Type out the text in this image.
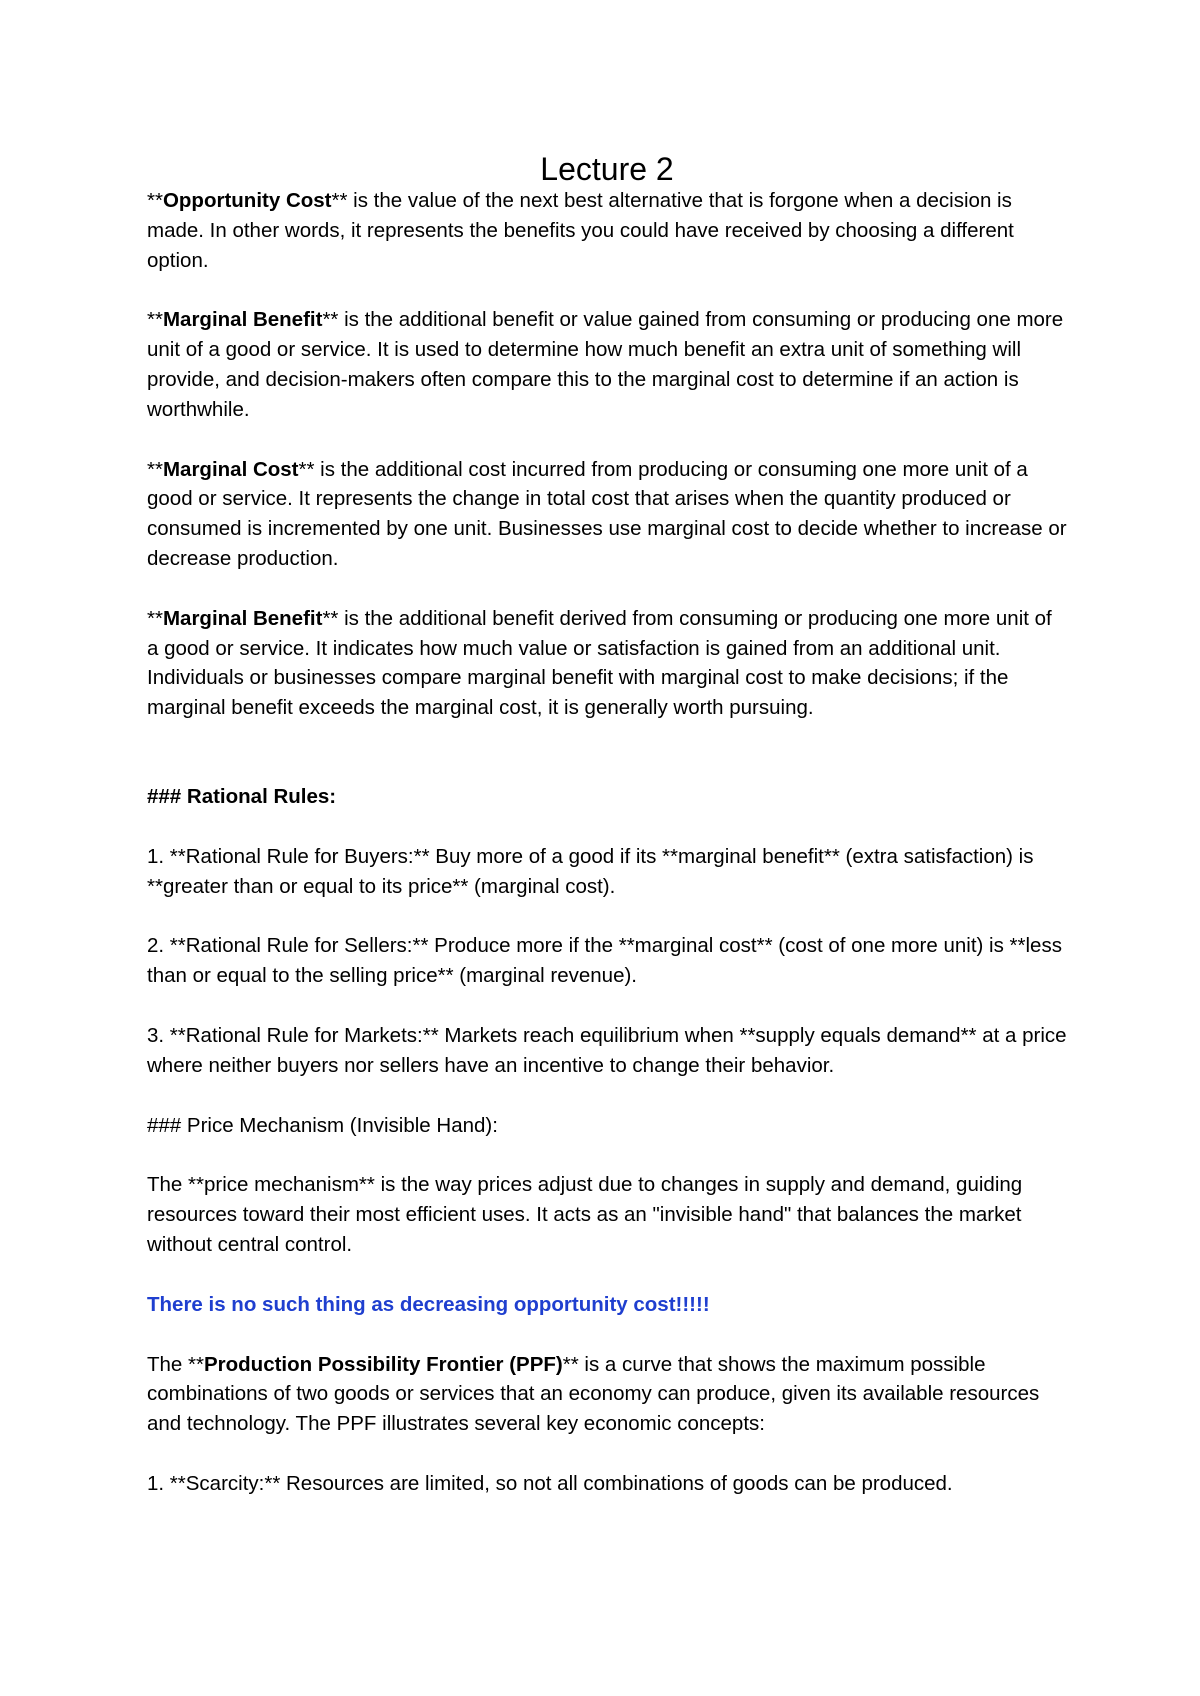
Lecture 2

**Opportunity Cost** is the value of the next best alternative that is forgone when a decision is made. In other words, it represents the benefits you could have received by choosing a different option.

**Marginal Benefit** is the additional benefit or value gained from consuming or producing one more unit of a good or service. It is used to determine how much benefit an extra unit of something will provide, and decision-makers often compare this to the marginal cost to determine if an action is worthwhile.

**Marginal Cost** is the additional cost incurred from producing or consuming one more unit of a good or service. It represents the change in total cost that arises when the quantity produced or consumed is incremented by one unit. Businesses use marginal cost to decide whether to increase or decrease production.

**Marginal Benefit** is the additional benefit derived from consuming or producing one more unit of a good or service. It indicates how much value or satisfaction is gained from an additional unit. Individuals or businesses compare marginal benefit with marginal cost to make decisions; if the marginal benefit exceeds the marginal cost, it is generally worth pursuing.

### Rational Rules:

1. **Rational Rule for Buyers:** Buy more of a good if its **marginal benefit** (extra satisfaction) is **greater than or equal to its price** (marginal cost).

2. **Rational Rule for Sellers:** Produce more if the **marginal cost** (cost of one more unit) is **less than or equal to the selling price** (marginal revenue).

3. **Rational Rule for Markets:** Markets reach equilibrium when **supply equals demand** at a price where neither buyers nor sellers have an incentive to change their behavior.

### Price Mechanism (Invisible Hand):

The **price mechanism** is the way prices adjust due to changes in supply and demand, guiding resources toward their most efficient uses. It acts as an "invisible hand" that balances the market without central control.

There is no such thing as decreasing opportunity cost!!!!!

The **Production Possibility Frontier (PPF)** is a curve that shows the maximum possible combinations of two goods or services that an economy can produce, given its available resources and technology. The PPF illustrates several key economic concepts:

1. **Scarcity:** Resources are limited, so not all combinations of goods can be produced.
